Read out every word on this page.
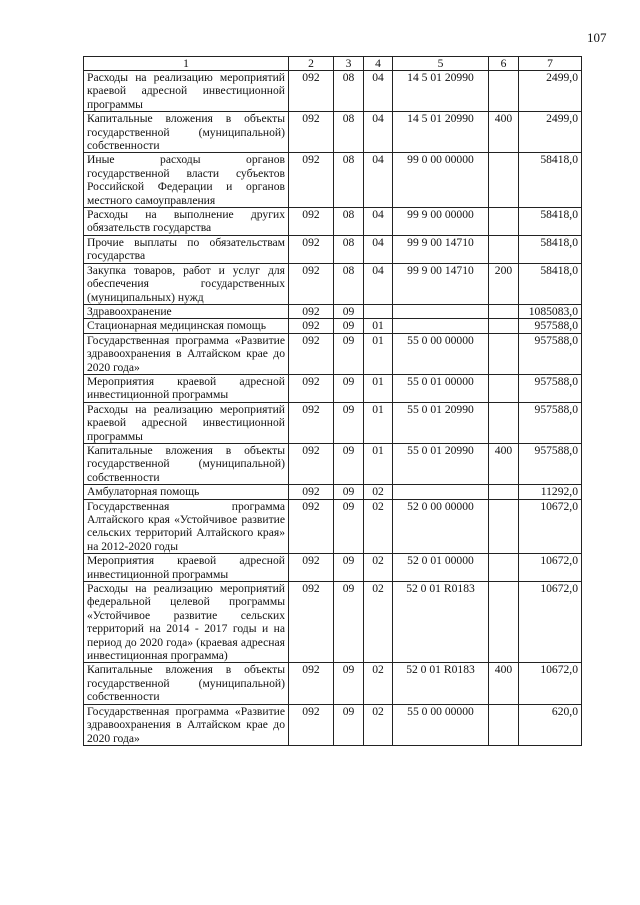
107
1	2	3	4	5	6	7
Расходы на реализацию мероприятий краевой адресной инвестиционной программы	092	08	04	14 5 01 20990		2499,0
Капитальные вложения в объекты государственной (муниципальной) собственности	092	08	04	14 5 01 20990	400	2499,0
Иные расходы органов государственной власти субъектов Российской Федерации и органов местного самоуправления	092	08	04	99 0 00 00000		58418,0
Расходы на выполнение других обязательств государства	092	08	04	99 9 00 00000		58418,0
Прочие выплаты по обязательствам государства	092	08	04	99 9 00 14710		58418,0
Закупка товаров, работ и услуг для обеспечения государственных (муниципальных) нужд	092	08	04	99 9 00 14710	200	58418,0
Здравоохранение	092	09				1085083,0
Стационарная медицинская помощь	092	09	01			957588,0
Государственная программа «Развитие здравоохранения в Алтайском крае до 2020 года»	092	09	01	55 0 00 00000		957588,0
Мероприятия краевой адресной инвестиционной программы	092	09	01	55 0 01 00000		957588,0
Расходы на реализацию мероприятий краевой адресной инвестиционной программы	092	09	01	55 0 01 20990		957588,0
Капитальные вложения в объекты государственной (муниципальной) собственности	092	09	01	55 0 01 20990	400	957588,0
Амбулаторная помощь	092	09	02			11292,0
Государственная программа Алтайского края «Устойчивое развитие сельских территорий Алтайского края» на 2012-2020 годы	092	09	02	52 0 00 00000		10672,0
Мероприятия краевой адресной инвестиционной программы	092	09	02	52 0 01 00000		10672,0
Расходы на реализацию мероприятий федеральной целевой программы «Устойчивое развитие сельских территорий на 2014 - 2017 годы и на период до 2020 года» (краевая адресная инвестиционная программа)	092	09	02	52 0 01 R0183		10672,0
Капитальные вложения в объекты государственной (муниципальной) собственности	092	09	02	52 0 01 R0183	400	10672,0
Государственная программа «Развитие здравоохранения в Алтайском крае до 2020 года»	092	09	02	55 0 00 00000		620,0
